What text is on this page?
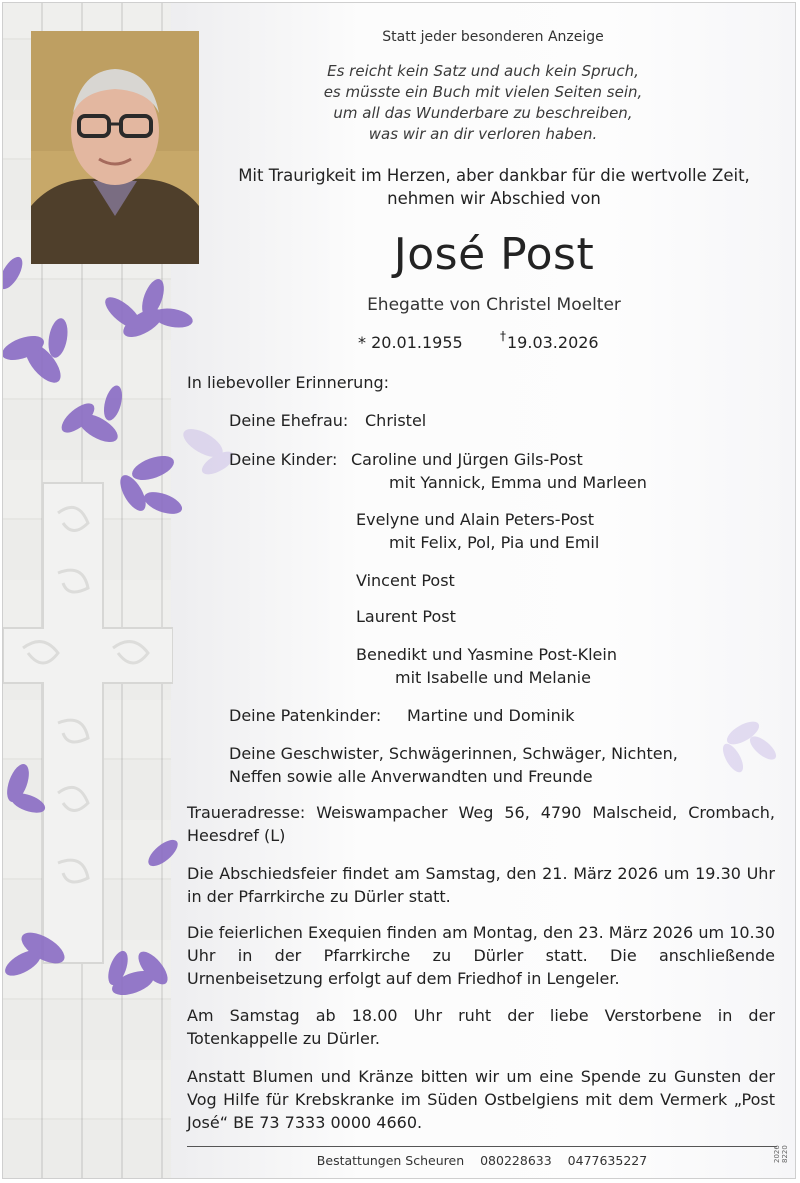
Statt jeder besonderen Anzeige
Es reicht kein Satz und auch kein Spruch,
es müsste ein Buch mit vielen Seiten sein,
um all das Wunderbare zu beschreiben,
was wir an dir verloren haben.
Mit Traurigkeit im Herzen, aber dankbar für die wertvolle Zeit,
nehmen wir Abschied von
José Post
Ehegatte von Christel Moelter
* 20.01.1955	† 19.03.2026
In liebevoller Erinnerung:
Deine Ehefrau: Christel
Deine Kinder: Caroline und Jürgen Gils-Post
mit Yannick, Emma und Marleen
Evelyne und Alain Peters-Post
mit Felix, Pol, Pia und Emil
Vincent Post
Laurent Post
Benedikt und Yasmine Post-Klein
mit Isabelle und Melanie
Deine Patenkinder: Martine und Dominik
Deine Geschwister, Schwägerinnen, Schwäger, Nichten,
Neffen sowie alle Anverwandten und Freunde
Traueradresse: Weiswampacher Weg 56, 4790 Malscheid, Crombach, Heesdref (L)
Die Abschiedsfeier findet am Samstag, den 21. März 2026 um 19.30 Uhr in der Pfarrkirche zu Dürler statt.
Die feierlichen Exequien finden am Montag, den 23. März 2026 um 10.30 Uhr in der Pfarrkirche zu Dürler statt. Die anschließende Urnenbeisetzung erfolgt auf dem Friedhof in Lengeler.
Am Samstag ab 18.00 Uhr ruht der liebe Verstorbene in der Totenkappelle zu Dürler.
Anstatt Blumen und Kränze bitten wir um eine Spende zu Gunsten der Vog Hilfe für Krebskranke im Süden Ostbelgiens mit dem Vermerk „Post José“ BE 73 7333 0000 4660.
Bestattungen Scheuren 080228633 0477635227	2026 8220
